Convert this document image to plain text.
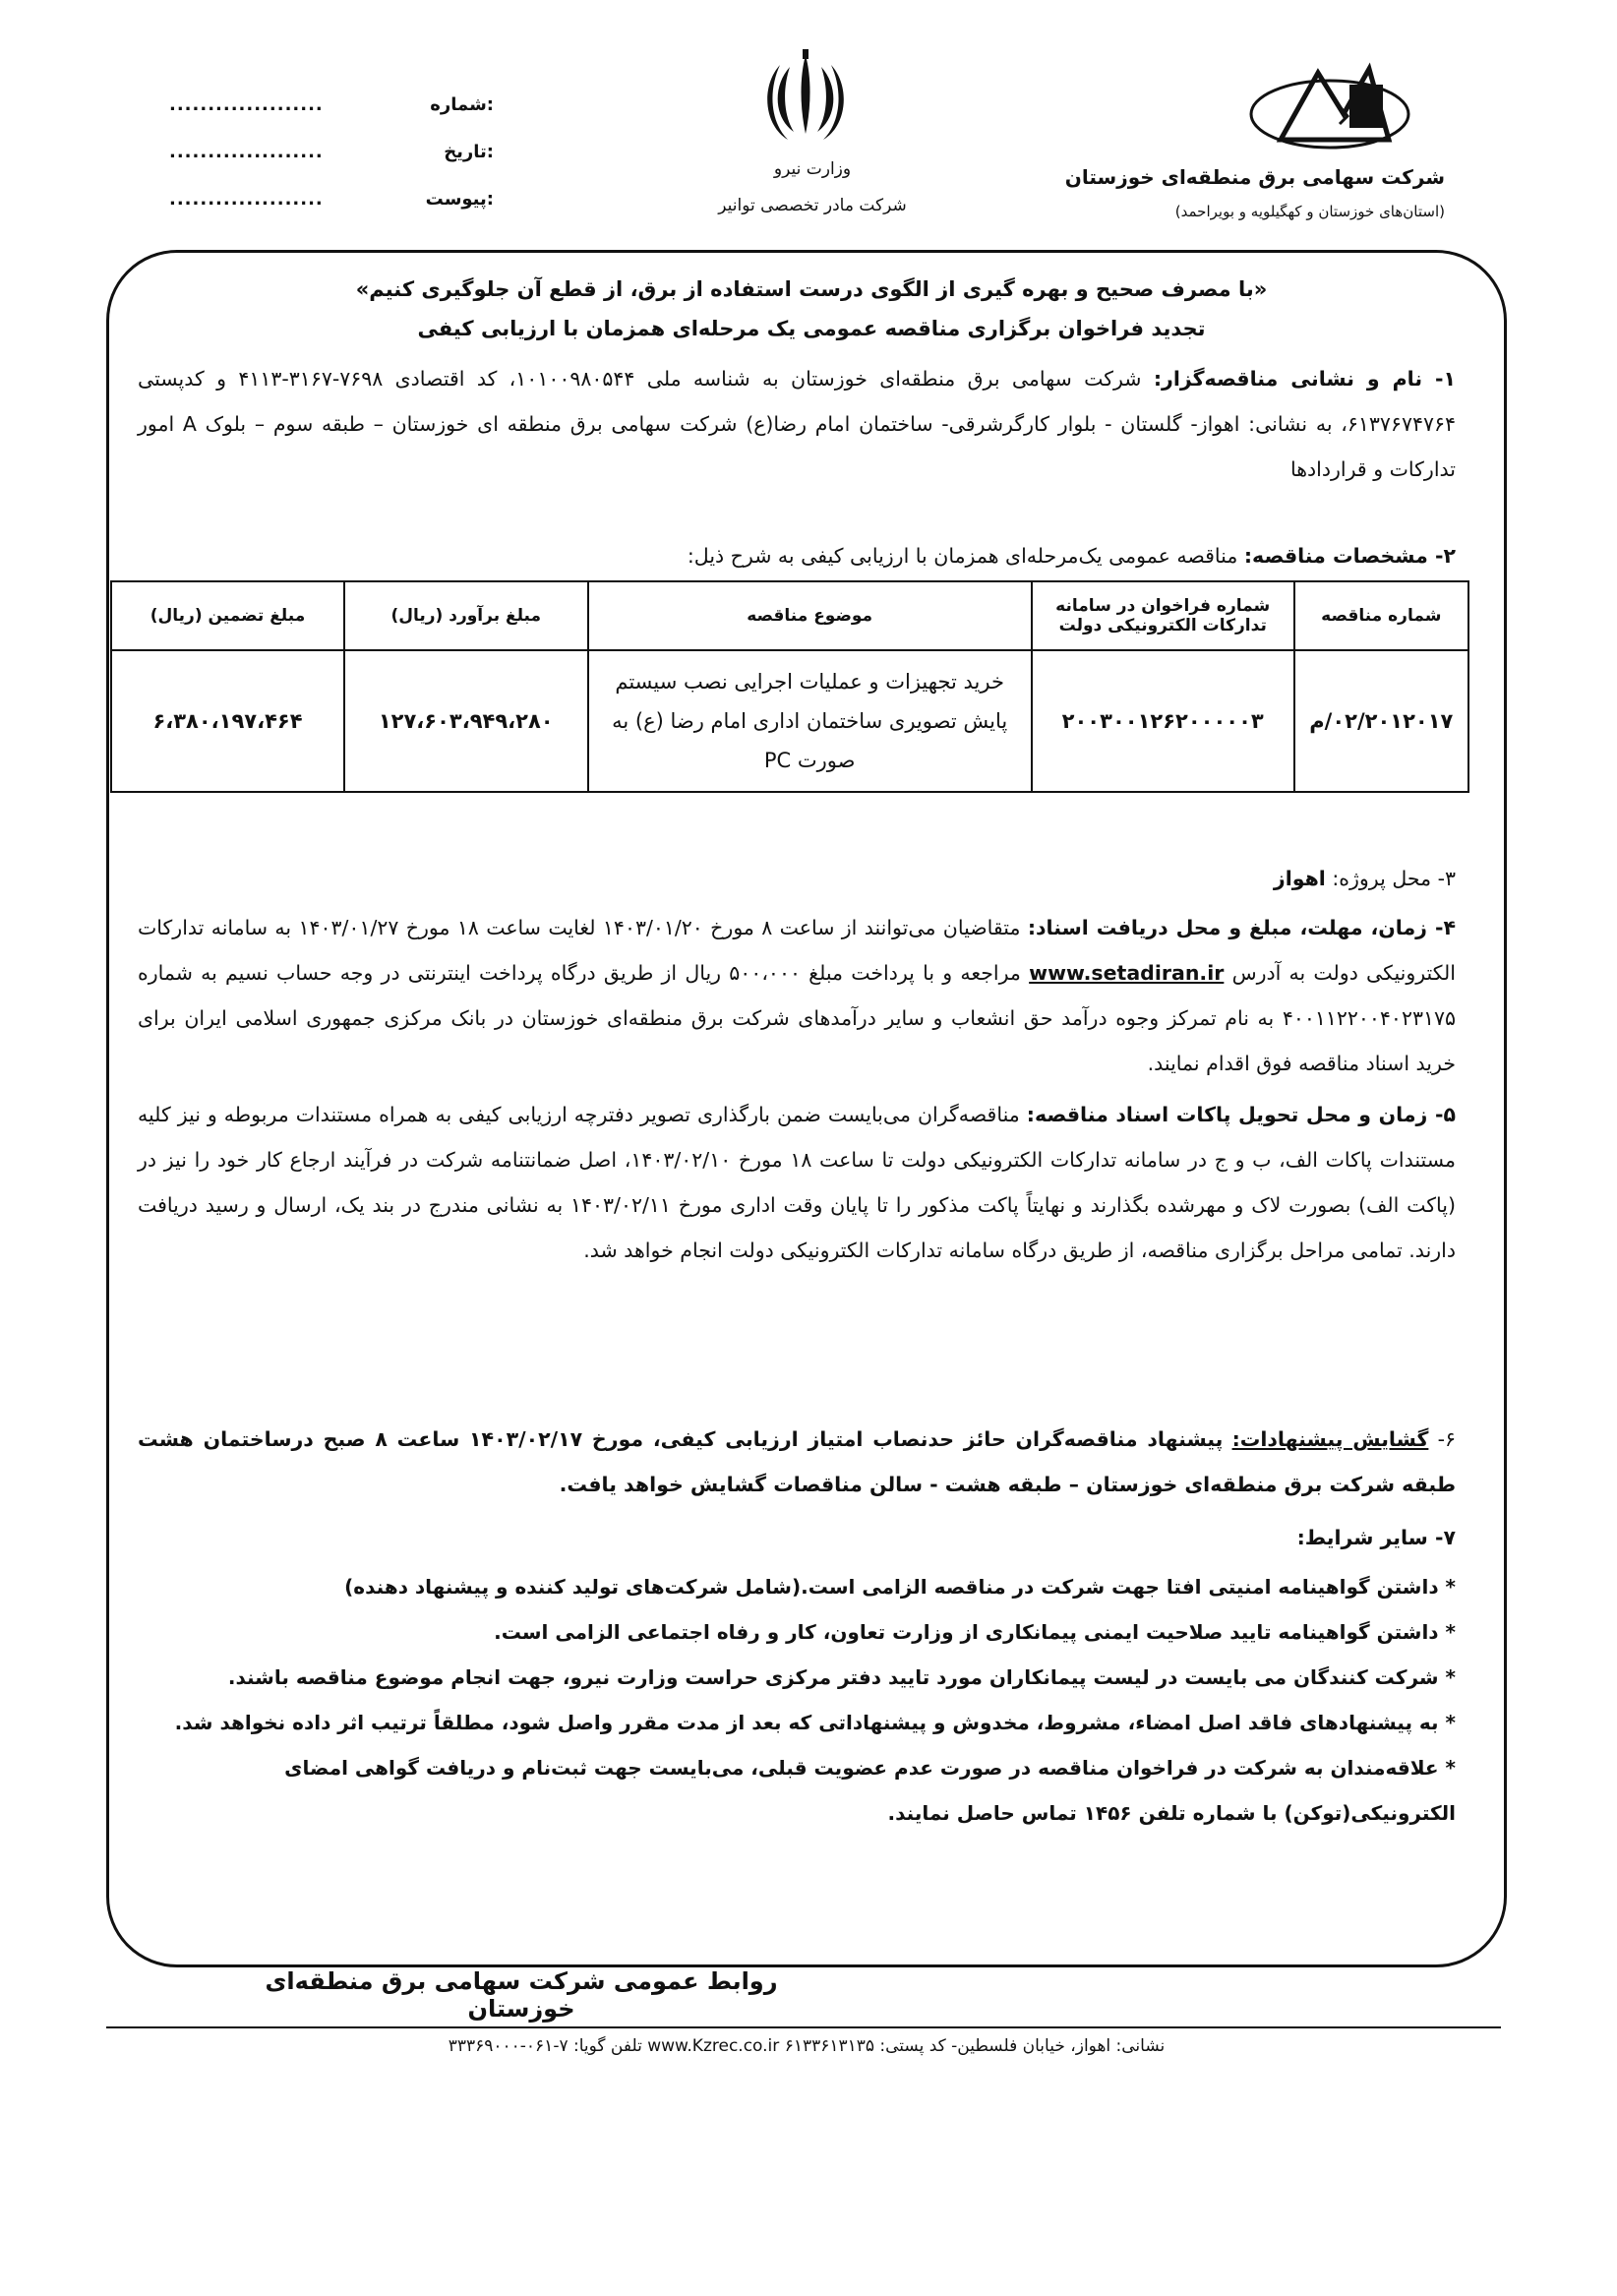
شرکت سهامی برق منطقه‌ای خوزستان
(استان‌های خوزستان و کهگیلویه و بویراحمد)
وزارت نیرو
شرکت مادر تخصصی توانیر
:شماره
....................
:تاریخ
....................
:پیوست
....................
«با مصرف صحیح و بهره گیری از الگوی درست استفاده از برق، از قطع آن جلوگیری کنیم»
تجدید فراخوان برگزاری مناقصه عمومی یک مرحله‌ای همزمان با ارزیابی کیفی
۱- نام و نشانی مناقصه‌گزار: شرکت سهامی برق منطقه‌ای خوزستان به شناسه ملی ۱۰۱۰۰۹۸۰۵۴۴، کد اقتصادی ۷۶۹۸-۳۱۶۷-۴۱۱۳ و کدپستی ۶۱۳۷۶۷۴۷۶۴، به نشانی: اهواز- گلستان - بلوار کارگرشرقی- ساختمان امام رضا(ع) شرکت سهامی برق منطقه ای خوزستان – طبقه سوم – بلوک A امور تدارکات و قراردادها
۲- مشخصات مناقصه: مناقصه عمومی یک‌مرحله‌ای همزمان با ارزیابی کیفی به شرح ذیل:
شماره مناقصه	شماره فراخوان در سامانه تدارکات الکترونیکی دولت	موضوع مناقصه	مبلغ برآورد (ریال)	مبلغ تضمین (ریال)
۰۲/۲۰۱۲۰۱۷/م	۲۰۰۳۰۰۱۲۶۲۰۰۰۰۰۳	خرید تجهیزات و عملیات اجرایی نصب سیستم پایش تصویری ساختمان اداری امام رضا (ع) به صورت PC	۱۲۷،۶۰۳،۹۴۹،۲۸۰	۶،۳۸۰،۱۹۷،۴۶۴
۳- محل پروژه: اهواز
۴- زمان، مهلت، مبلغ و محل دریافت اسناد: متقاضیان می‌توانند از ساعت ۸ مورخ ۱۴۰۳/۰۱/۲۰ لغایت ساعت ۱۸ مورخ ۱۴۰۳/۰۱/۲۷ به سامانه تدارکات الکترونیکی دولت به آدرس www.setadiran.ir مراجعه و با پرداخت مبلغ ۵۰۰،۰۰۰ ریال از طریق درگاه پرداخت اینترنتی در وجه حساب نسیم به شماره ۴۰۰۱۱۲۲۰۰۴۰۲۳۱۷۵ به نام تمرکز وجوه درآمد حق انشعاب و سایر درآمدهای شرکت برق منطقه‌ای خوزستان در بانک مرکزی جمهوری اسلامی ایران برای خرید اسناد مناقصه فوق اقدام نمایند.
۵- زمان و محل تحویل پاکات اسناد مناقصه: مناقصه‌گران می‌بایست ضمن بارگذاری تصویر دفترچه ارزیابی کیفی به همراه مستندات مربوطه و نیز کلیه مستندات پاکات الف، ب و ج در سامانه تدارکات الکترونیکی دولت تا ساعت ۱۸ مورخ ۱۴۰۳/۰۲/۱۰، اصل ضمانتنامه شرکت در فرآیند ارجاع کار خود را نیز در (پاکت الف) بصورت لاک و مهرشده بگذارند و نهایتاً پاکت مذکور را تا پایان وقت اداری مورخ ۱۴۰۳/۰۲/۱۱ به نشانی مندرج در بند یک، ارسال و رسید دریافت دارند. تمامی مراحل برگزاری مناقصه، از طریق درگاه سامانه تدارکات الکترونیکی دولت انجام خواهد شد.
۶- گشایش پیشنهادات: پیشنهاد مناقصه‌گران حائز حدنصاب امتیاز ارزیابی کیفی، مورخ ۱۴۰۳/۰۲/۱۷ ساعت ۸ صبح درساختمان هشت طبقه شرکت برق منطقه‌ای خوزستان – طبقه هشت - سالن مناقصات گشایش خواهد یافت.
۷- سایر شرایط:
* داشتن گواهینامه امنیتی افتا جهت شرکت در مناقصه الزامی است.(شامل شرکت‌های تولید کننده و پیشنهاد دهنده)
* داشتن گواهینامه تایید صلاحیت ایمنی پیمانکاری از وزارت تعاون، کار و رفاه اجتماعی الزامی است.
* شرکت کنندگان می بایست در لیست پیمانکاران مورد تایید دفتر مرکزی حراست وزارت نیرو، جهت انجام موضوع مناقصه باشند.
* به پیشنهادهای فاقد اصل امضاء، مشروط، مخدوش و پیشنهاداتی که بعد از مدت مقرر واصل شود، مطلقاً ترتیب اثر داده نخواهد شد.
* علاقه‌مندان به شرکت در فراخوان مناقصه در صورت عدم عضویت قبلی، می‌بایست جهت ثبت‌نام و دریافت گواهی امضای الکترونیکی(توکن) با شماره تلفن ۱۴۵۶ تماس حاصل نمایند.
روابط عمومی شرکت سهامی برق منطقه‌ای خوزستان
نشانی: اهواز، خیابان فلسطین- کد پستی: ۶۱۳۳۶۱۳۱۳۵ www.Kzrec.co.ir تلفن گویا: ۷-۰۶۱-۳۳۳۶۹۰۰۰
